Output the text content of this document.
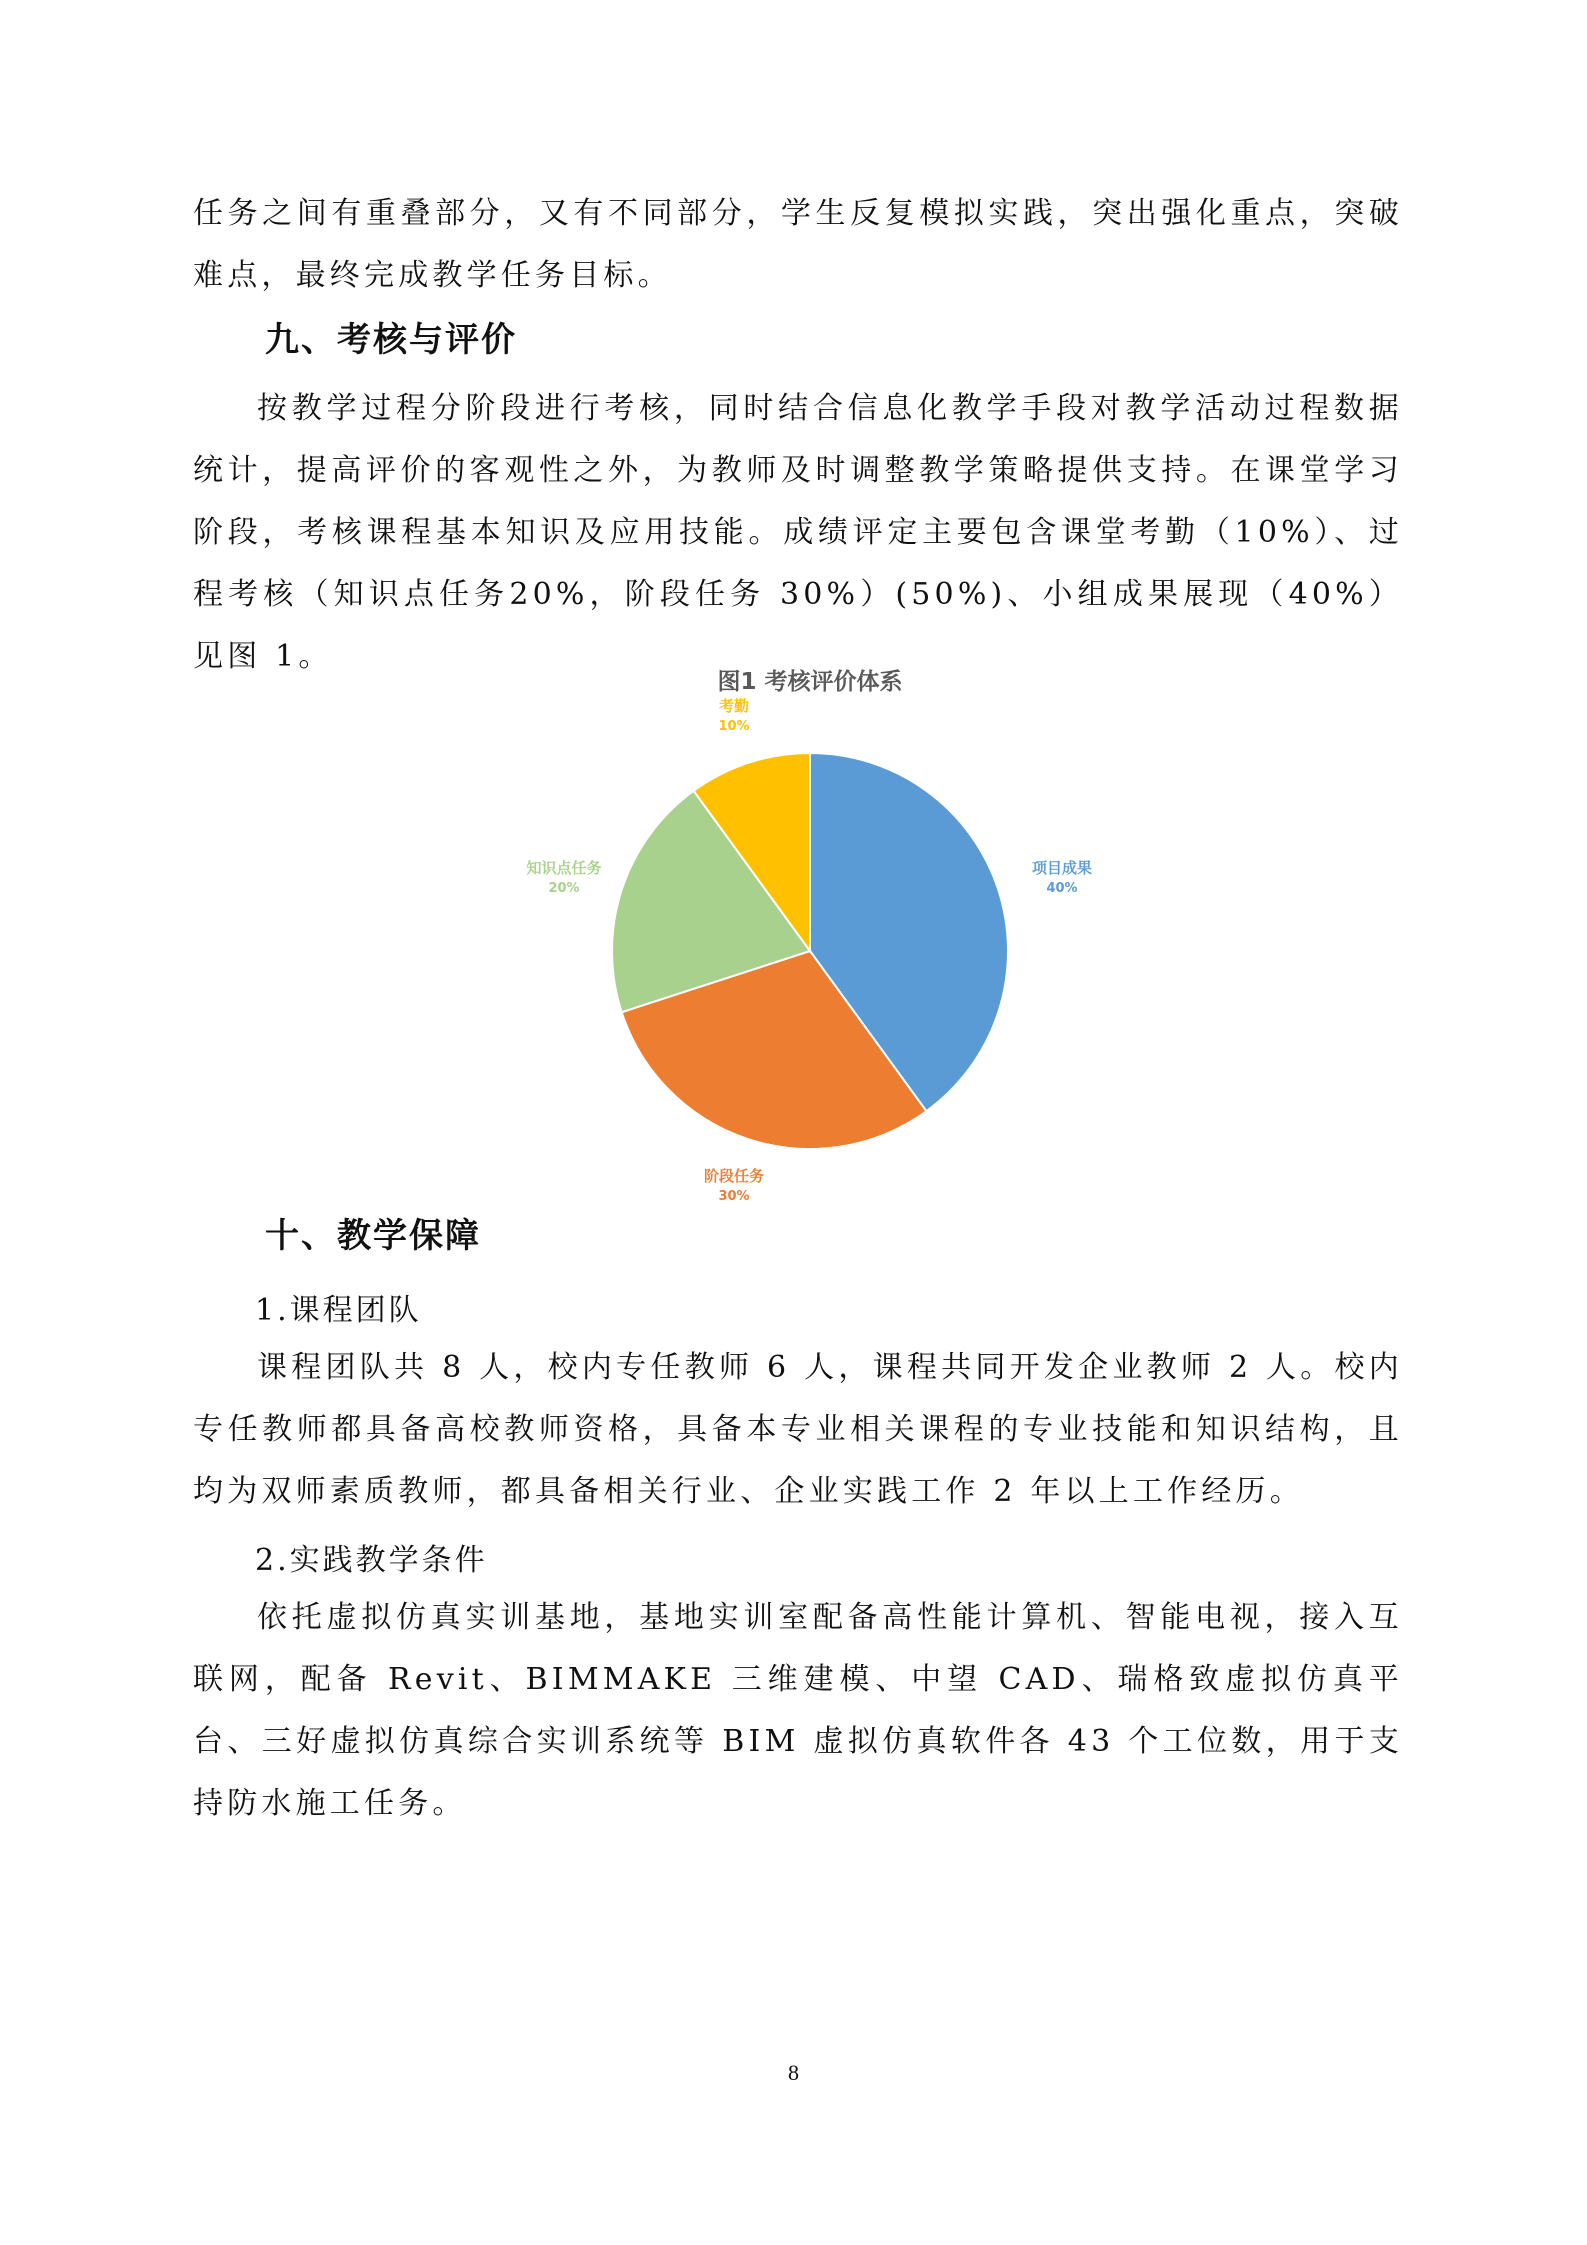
任务之间有重叠部分，又有不同部分，学生反复模拟实践，突出强化重点，突破难点，最终完成教学任务目标。

九、考核与评价

按教学过程分阶段进行考核，同时结合信息化教学手段对教学活动过程数据统计，提高评价的客观性之外，为教师及时调整教学策略提供支持。在课堂学习阶段，考核课程基本知识及应用技能。成绩评定主要包含课堂考勤（10%）、过程考核（知识点任务20%，阶段任务 30%）(50%)、小组成果展现（40%）见图 1。

图1 考核评价体系
项目成果
40%
阶段任务
30%
知识点任务
20%
考勤
10%
十、教学保障

1.课程团队

课程团队共 8 人，校内专任教师 6 人，课程共同开发企业教师 2 人。校内专任教师都具备高校教师资格，具备本专业相关课程的专业技能和知识结构，且均为双师素质教师，都具备相关行业、企业实践工作 2 年以上工作经历。

2.实践教学条件

依托虚拟仿真实训基地，基地实训室配备高性能计算机、智能电视，接入互联网，配备 Revit、BIMMAKE 三维建模、中望 CAD、瑞格致虚拟仿真平台、三好虚拟仿真综合实训系统等 BIM 虚拟仿真软件各 43 个工位数，用于支持防水施工任务。

8
